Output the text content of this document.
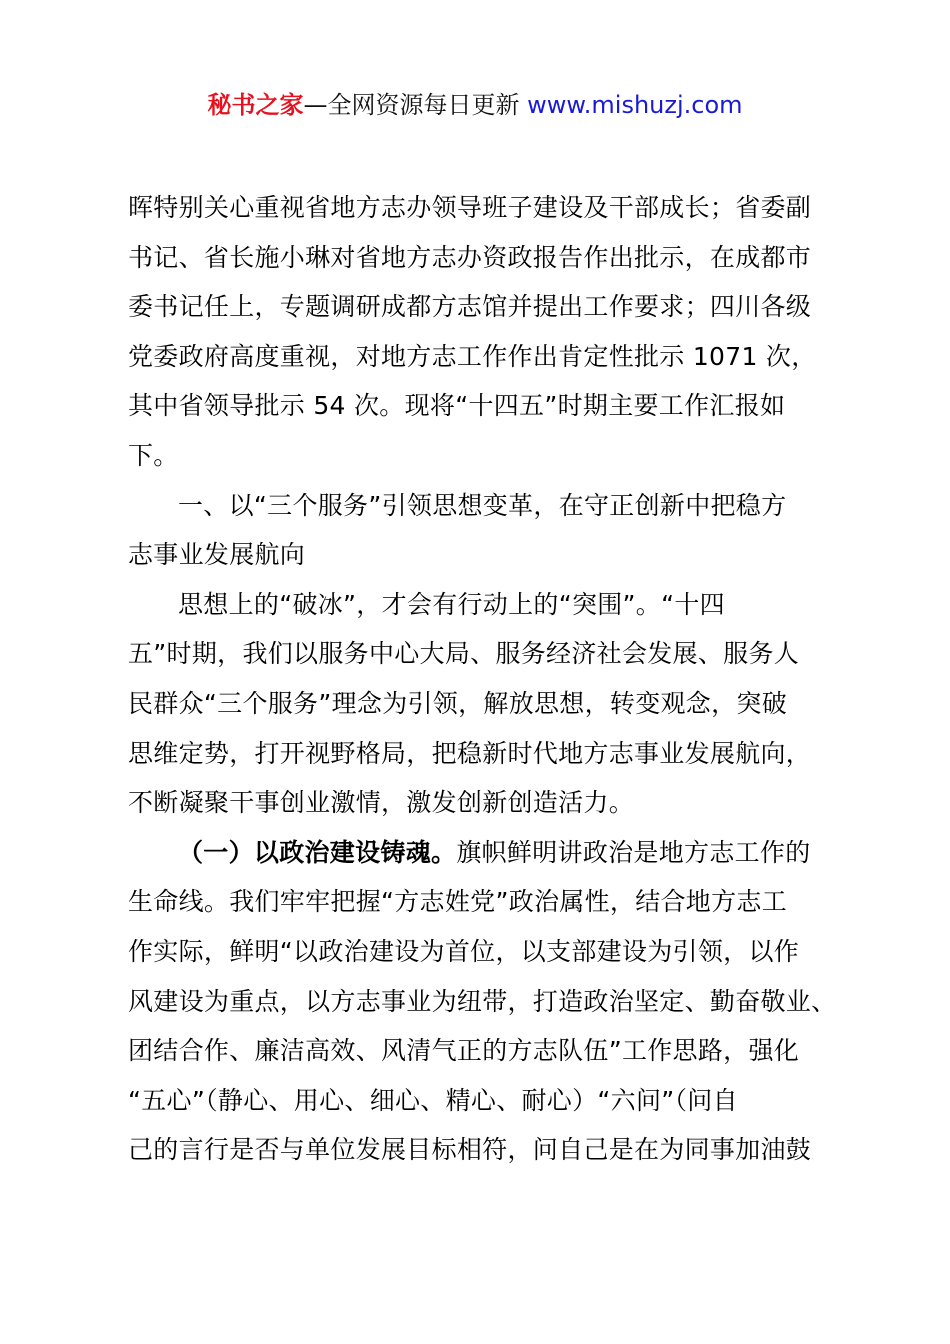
秘书之家—全网资源每日更新 www.mishuzj.com
晖特别关心重视省地方志办领导班子建设及干部成长；省委副
书记、省长施小琳对省地方志办资政报告作出批示，在成都市
委书记任上，专题调研成都方志馆并提出工作要求；四川各级
党委政府高度重视，对地方志工作作出肯定性批示 1071 次，
其中省领导批示 54 次。现将“十四五”时期主要工作汇报如
下。
一、以“三个服务”引领思想变革，在守正创新中把稳方
志事业发展航向
思想上的“破冰”，才会有行动上的“突围”。“十四
五”时期，我们以服务中心大局、服务经济社会发展、服务人
民群众“三个服务”理念为引领，解放思想，转变观念，突破
思维定势，打开视野格局，把稳新时代地方志事业发展航向，
不断凝聚干事创业激情，激发创新创造活力。
（一）以政治建设铸魂。旗帜鲜明讲政治是地方志工作的
生命线。我们牢牢把握“方志姓党”政治属性，结合地方志工
作实际，鲜明“以政治建设为首位，以支部建设为引领，以作
风建设为重点，以方志事业为纽带，打造政治坚定、勤奋敬业、
团结合作、廉洁高效、风清气正的方志队伍”工作思路，强化
“五心”（静心、用心、细心、精心、耐心）“六问”（问自
己的言行是否与单位发展目标相符，问自己是在为同事加油鼓
